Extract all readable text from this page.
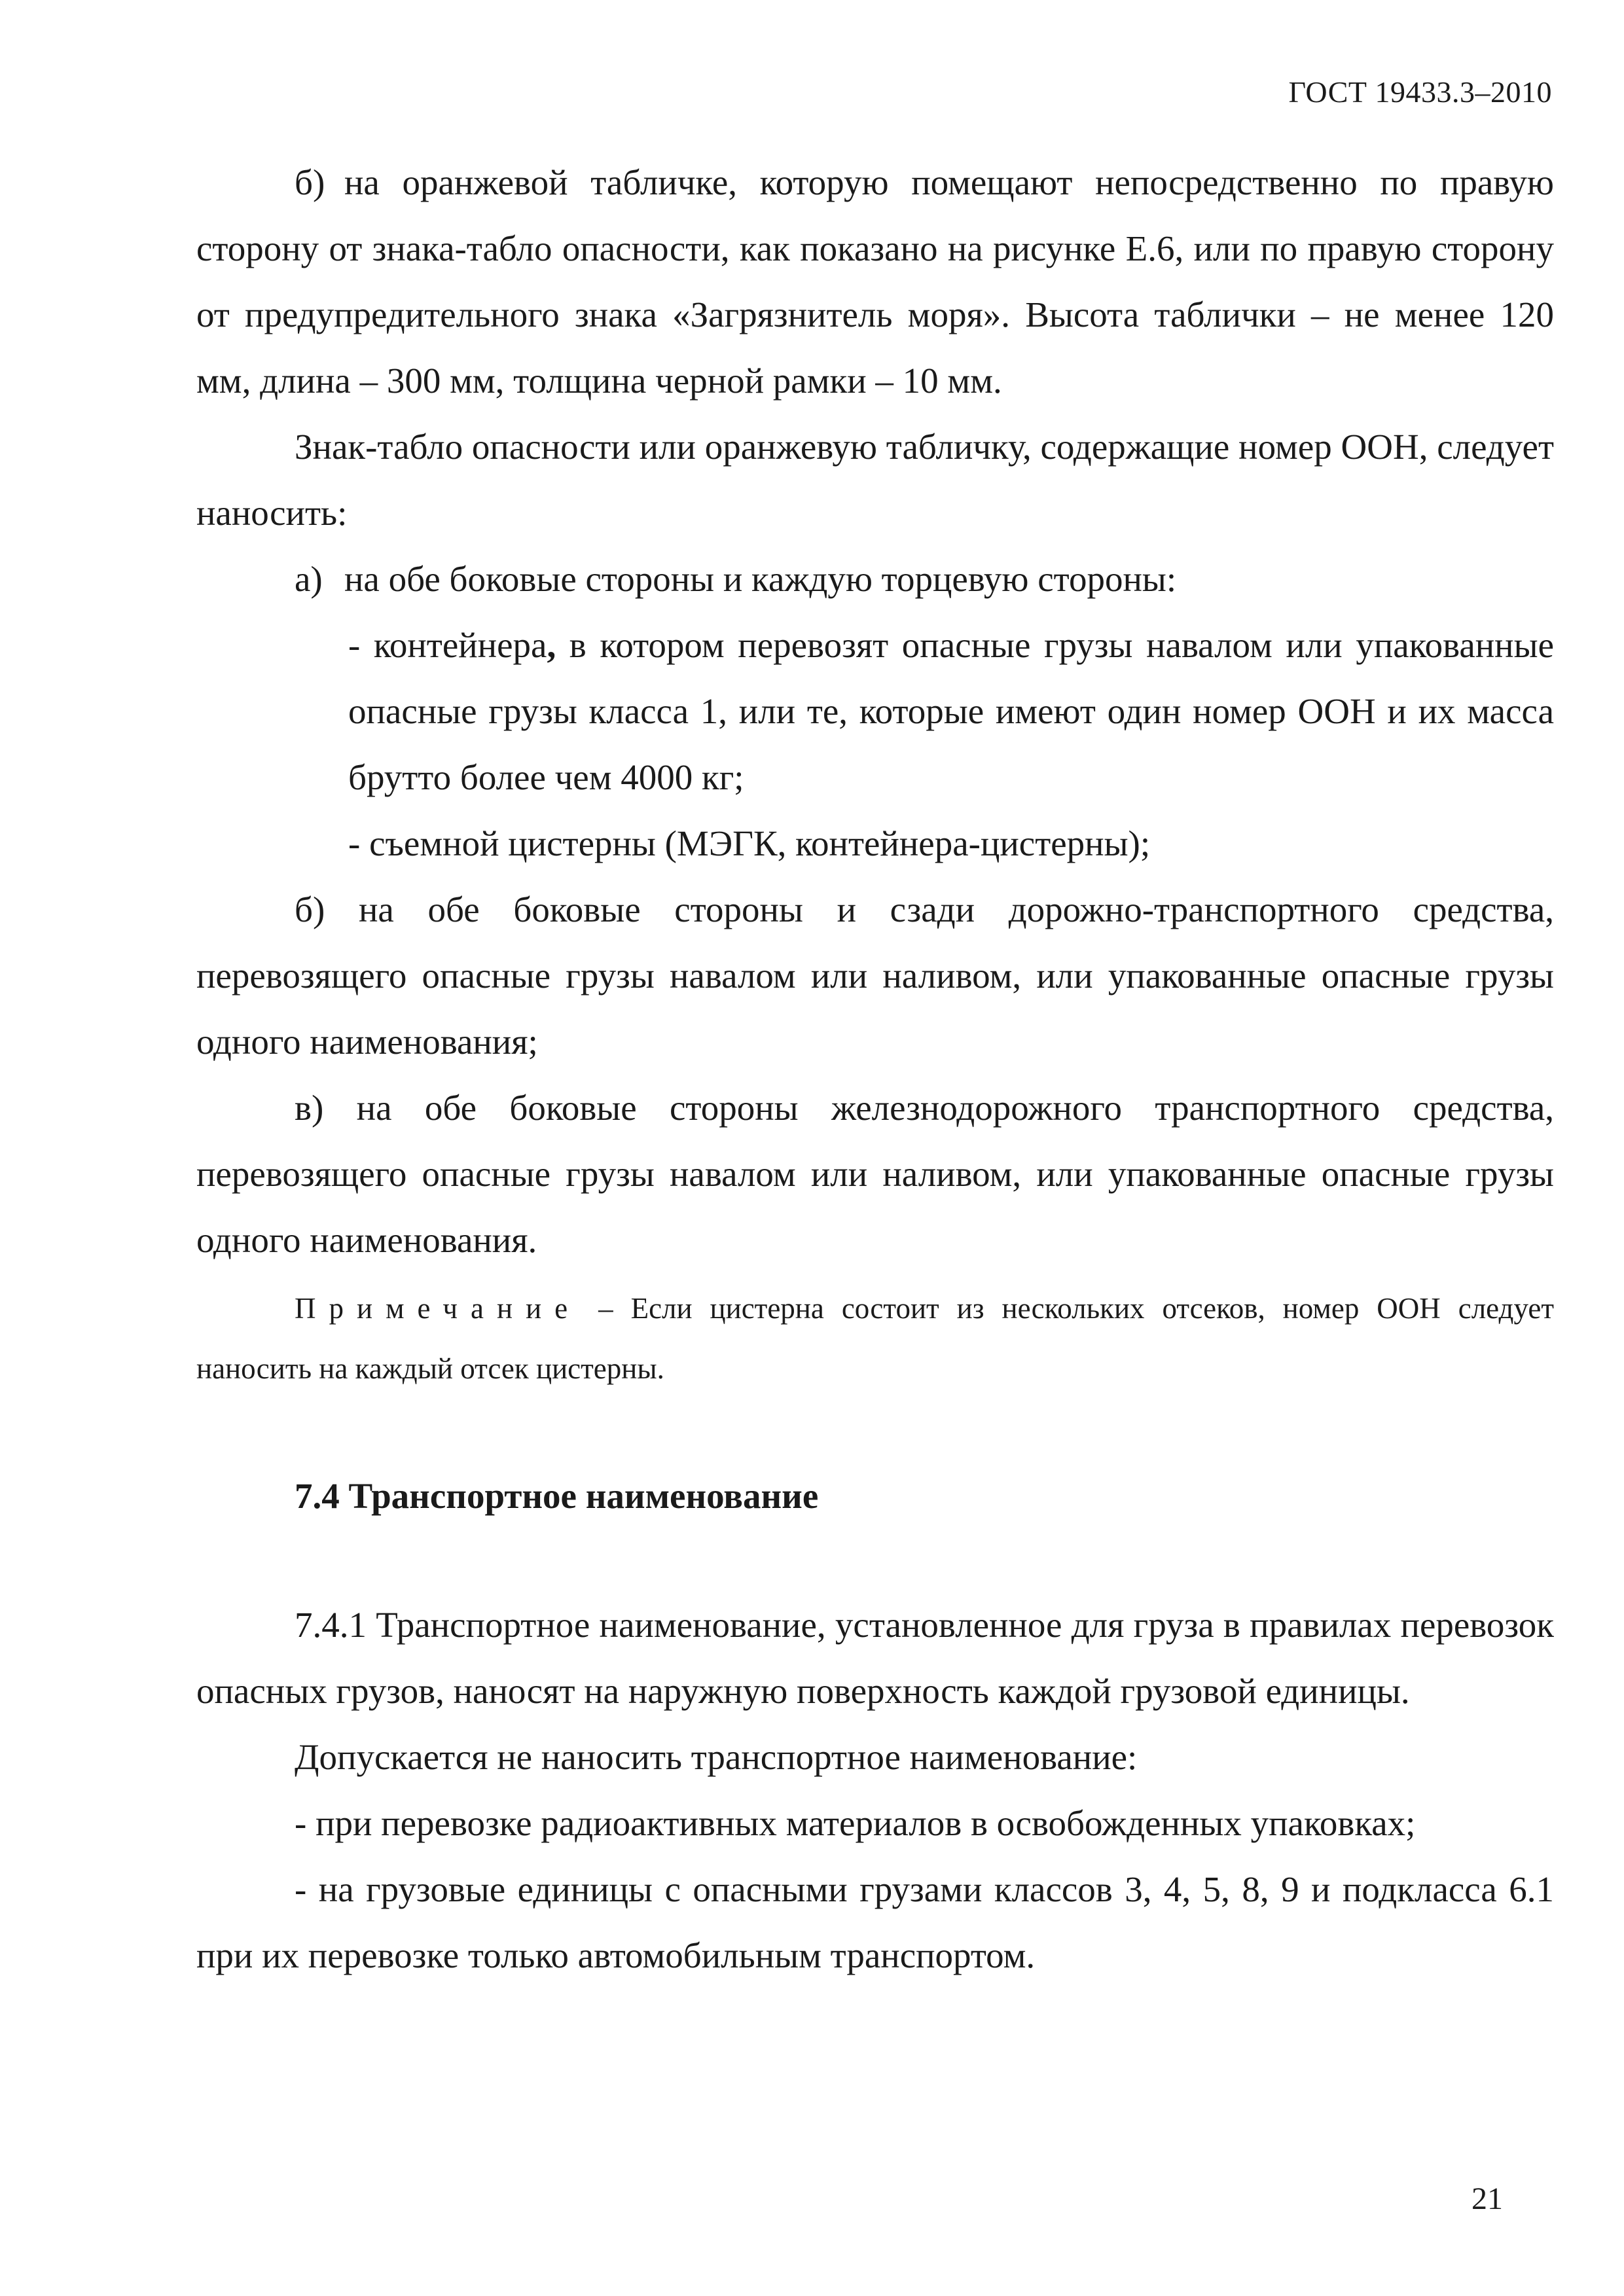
ГОСТ 19433.3–2010
б) на оранжевой табличке, которую помещают непосредственно по правую сторону от знака-табло опасности, как показано на рисунке Е.6, или по правую сторону от предупредительного знака «Загрязнитель моря». Высота таблички – не менее 120 мм, длина – 300 мм, толщина черной рамки – 10 мм.

Знак-табло опасности или оранжевую табличку, содержащие номер ООН, следует наносить:

а) на обе боковые стороны и каждую торцевую стороны:

- контейнера, в котором перевозят опасные грузы навалом или упакованные опасные грузы класса 1, или те, которые имеют один номер ООН и их масса брутто более чем 4000 кг;

- съемной цистерны (МЭГК, контейнера-цистерны);

б) на обе боковые стороны и сзади дорожно-транспортного средства, перевозящего опасные грузы навалом или наливом, или упакованные опасные грузы одного наименования;
в) на обе боковые стороны железнодорожного транспортного средства, перевозящего опасные грузы навалом или наливом, или упакованные опасные грузы одного наименования.

Примечание – Если цистерна состоит из нескольких отсеков, номер ООН следует наносить на каждый отсек цистерны.

7.4 Транспортное наименование

7.4.1 Транспортное наименование, установленное для груза в правилах перевозок опасных грузов, наносят на наружную поверхность каждой грузовой единицы.

Допускается не наносить транспортное наименование:

- при перевозке радиоактивных материалов в освобожденных упаковках;

- на грузовые единицы с опасными грузами классов 3, 4, 5, 8, 9 и подкласса 6.1 при их перевозке только автомобильным транспортом.

21
